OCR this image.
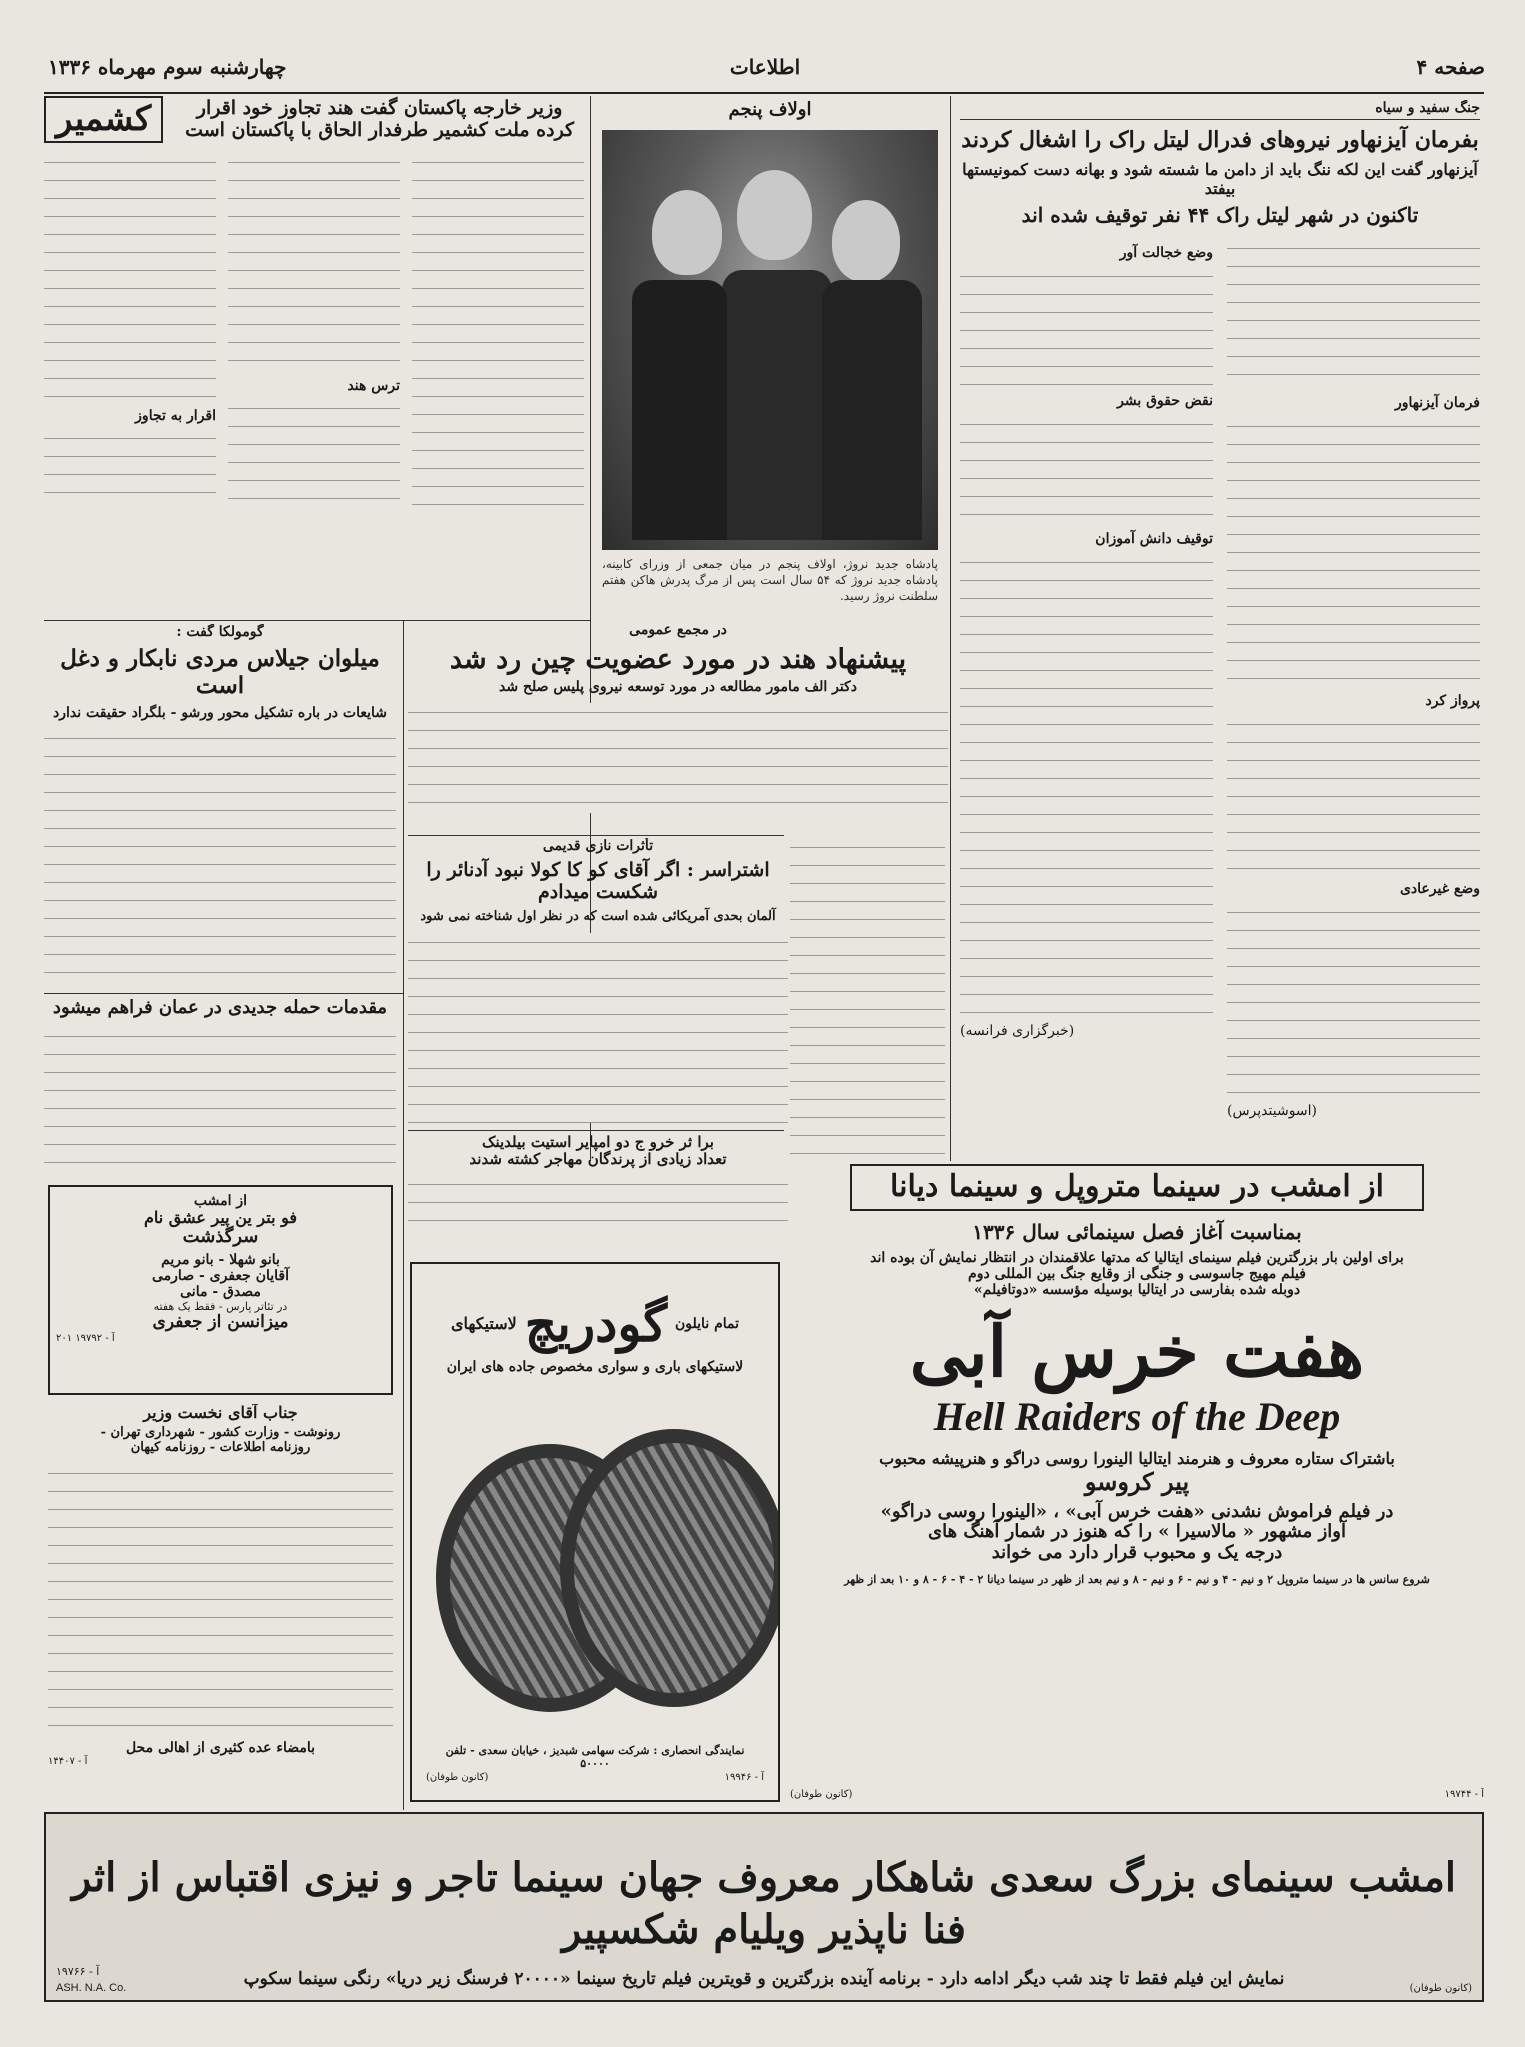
صفحه ۴
اطلاعات
چهارشنبه سوم مهرماه ۱۳۳۶
جنگ سفید و سیاه
بفرمان آیزنهاور نیروهای فدرال لیتل راک را اشغال کردند
آیزنهاور گفت این لکه ننگ باید از دامن ما شسته شود و بهانه دست کمونیستها بیفتد
تاکنون در شهر لیتل راک ۴۴ نفر توقیف شده اند
وضع خجالت آور
نقض حقوق بشر
توقیف دانش آموزان
(خبرگزاری فرانسه)
فرمان آیزنهاور
پرواز کرد
وضع غیرعادی
(اسوشیتدپرس)
اولاف پنجم
پادشاه جدید نروژ، اولاف پنجم در میان جمعی از وزرای کابینه، پادشاه جدید نروژ که ۵۴ سال است پس از مرگ پدرش هاکن هفتم سلطنت نروژ رسید.
کشمیر	وزیر خارجه پاکستان گفت هند تجاوز خود اقرار کرده ملت کشمیر طرفدار الحاق با پاکستان است
اقرار به تجاوز
ترس هند
در مجمع عمومی
پیشنهاد هند در مورد عضویت چین رد شد
دکتر الف مامور مطالعه در مورد توسعه نیروی پلیس صلح شد
گومولکا گفت :
میلوان جیلاس مردی نابکار و دغل است
شایعات در باره تشکیل محور ورشو - بلگراد حقیقت ندارد
تأثرات نازی قدیمی
اشتراسر : اگر آقای کو کا کولا نبود آدنائر را شکست میدادم
آلمان بحدی آمریکائی شده است که در نظر اول شناخته نمی شود
مقدمات حمله جدیدی در عمان فراهم میشود
برا ثر خرو ج دو امپایر استیت بیلدینک
تعداد زیادی از پرندگان مهاجر کشته شدند
از امشب
فو بتر ین پیر عشق نام
سرگذشت
بانو شهلا - بانو مریم
آقایان جعفری - صارمی
مصدق - مانی
در تئاتر پارس - فقط یک هفته
میزانسن از جعفری
آ - ۱۹۷۹۲ ۲۰۱
جناب آقای نخست وزیر
رونوشت - وزارت کشور - شهرداری تهران -
روزنامه اطلاعات - روزنامه کیهان
بامضاء عده کثیری از اهالی محل
آ - ۱۴۴۰۷
لاستیکهای گودریچ تمام نایلون
لاستیکهای باری و سواری مخصوص جاده های ایران
نمایندگی انحصاری : شرکت سهامی شبدیز ، خیابان سعدی - تلفن ۵۰۰۰۰
آ - ۱۹۹۴۶
(کانون طوفان)
از امشب در سینما متروپل و سینما دیانا
بمناسبت آغاز فصل سینمائی سال ۱۳۳۶
برای اولین بار بزرگترین فیلم سینمای ایتالیا که مدتها علاقمندان در انتظار نمایش آن بوده اند
فیلم مهیج جاسوسی و جنگی از وقایع جنگ بین المللی دوم
دوبله شده بفارسی در ایتالیا بوسیله مؤسسه «دوتافیلم»
هفت خرس آبی
Hell Raiders of the Deep
باشتراک ستاره معروف و هنرمند ایتالیا الینورا روسی دراگو و هنرپیشه محبوب
پیر کروسو
در فیلم فراموش نشدنی «هفت خرس آبی» ، «الینورا روسی دراگو»
آواز مشهور « مالاسیرا » را که هنوز در شمار آهنگ های
درجه یک و محبوب قرار دارد می خواند
شروع سانس ها در سینما متروپل ۲ و نیم - ۴ و نیم - ۶ و نیم - ۸ و نیم بعد از ظهر در سینما دیانا ۲ - ۴ - ۶ - ۸ و ۱۰ بعد از ظهر
آ - ۱۹۷۴۴
(کانون طوفان)
امشب سینمای بزرگ سعدی شاهکار معروف جهان سینما تاجر و نیزی اقتباس از اثر فنا ناپذیر ویلیام شکسپیر
نمایش این فیلم فقط تا چند شب دیگر ادامه دارد - برنامه آینده بزرگترین و قویترین فیلم تاریخ سینما «۲۰۰۰۰ فرسنگ زیر دریا» رنگی سینما سکوپ	(کانون طوفان)
آ - ۱۹۷۶۶
ASH. N.A. Co.
